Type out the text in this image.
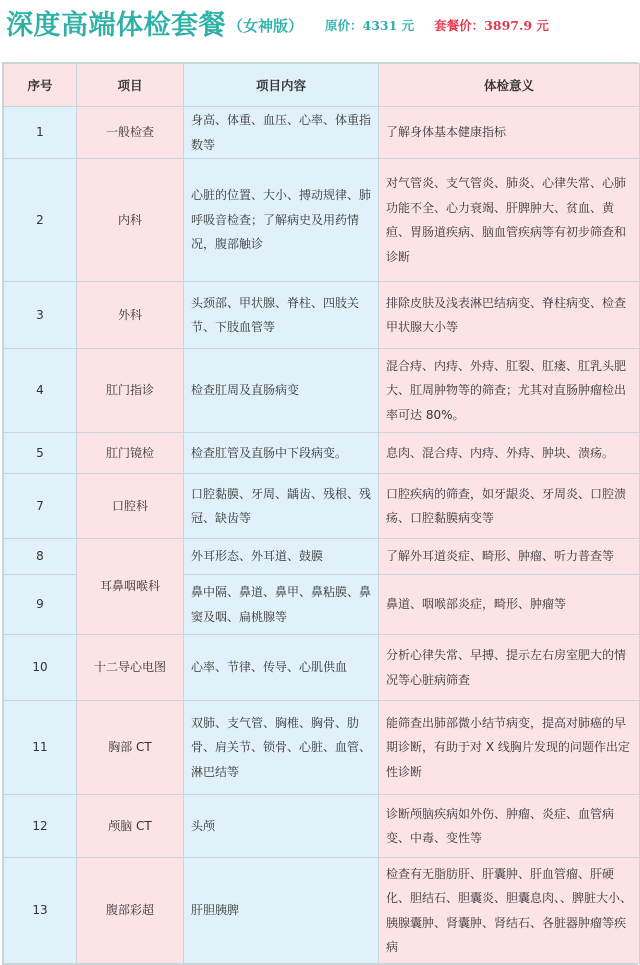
深度高端体检套餐 （女神版） 原价：4331 元 套餐价：3897.9 元
序号	项目	项目内容	体检意义
1	一般检查	身高、体重、血压、心率、体重指数等	了解身体基本健康指标
2	内科	心脏的位置、大小、搏动规律、肺呼吸音检查；了解病史及用药情况，腹部触诊	对气管炎、支气管炎、肺炎、心律失常、心肺功能不全、心力衰竭、肝脾肿大、贫血、黄疸、胃肠道疾病、脑血管疾病等有初步筛查和诊断
3	外科	头颈部、甲状腺、脊柱、四肢关节、下肢血管等	排除皮肤及浅表淋巴结病变、脊柱病变、检查甲状腺大小等
4	肛门指诊	检查肛周及直肠病变	混合痔、内痔、外痔、肛裂、肛瘘、肛乳头肥大、肛周肿物等的筛查；尤其对直肠肿瘤检出率可达 80%。
5	肛门镜检	检查肛管及直肠中下段病变。	息肉、混合痔、内痔、外痔、肿块、溃疡。
7	口腔科	口腔黏膜、牙周、龋齿、残根、残冠、缺齿等	口腔疾病的筛查，如牙龈炎、牙周炎、口腔溃疡、口腔黏膜病变等
8	耳鼻咽喉科	外耳形态、外耳道、鼓膜	了解外耳道炎症、畸形、肿瘤、听力普查等
9		鼻中隔、鼻道、鼻甲、鼻粘膜、鼻窦及咽、扁桃腺等	鼻道、咽喉部炎症，畸形、肿瘤等
10	十二导心电图	心率、节律、传导、心肌供血	分析心律失常、早搏、提示左右房室肥大的情况等心脏病筛查
11	胸部 CT	双肺、支气管、胸椎、胸骨、肋骨、肩关节、锁骨、心脏、血管、淋巴结等	能筛查出肺部微小结节病变，提高对肺癌的早期诊断，有助于对 X 线胸片发现的问题作出定性诊断
12	颅脑 CT	头颅	诊断颅脑疾病如外伤、肿瘤、炎症、血管病变、中毒、变性等
13	腹部彩超	肝胆胰脾	检查有无脂肪肝、肝囊肿、肝血管瘤、肝硬化、胆结石、胆囊炎、胆囊息肉、、脾脏大小、胰腺囊肿、肾囊肿、肾结石、各脏器肿瘤等疾病
